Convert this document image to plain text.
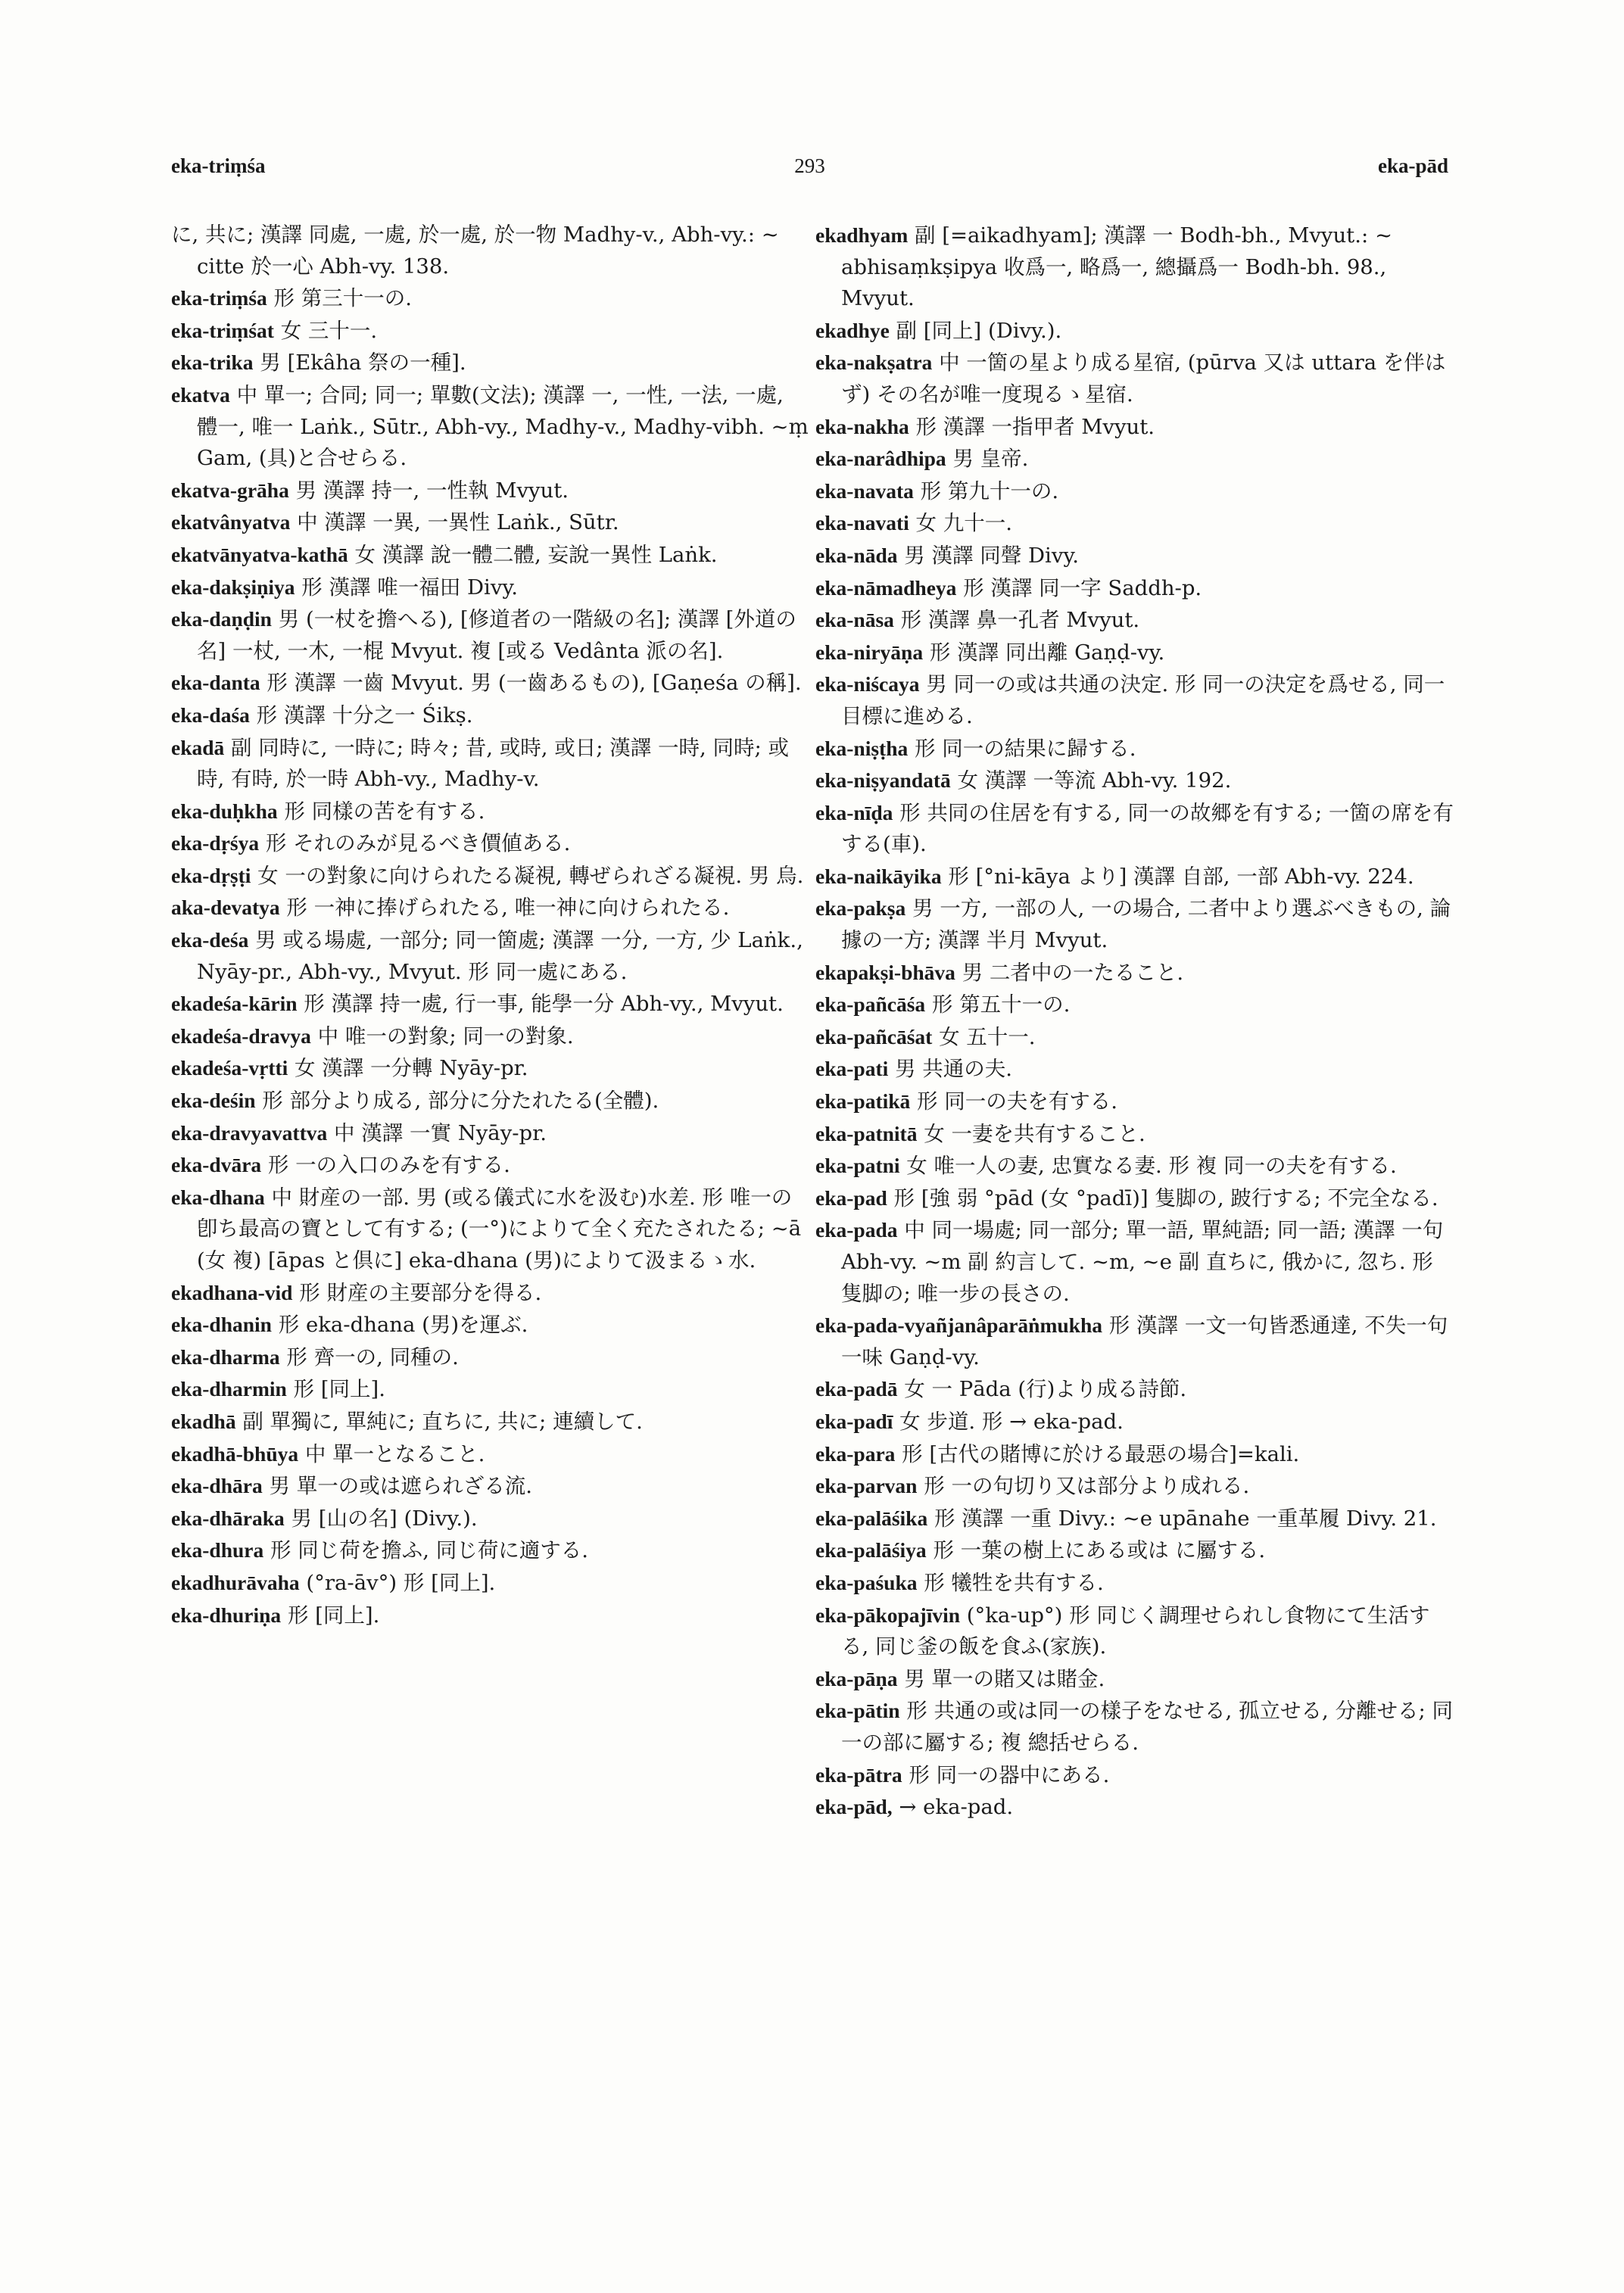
eka-triṃśa	293	eka-pād

に, 共に; 漢譯 同處, 一處, 於一處, 於一物 Madhy-v., Abh-vy.: ~ citte 於一心 Abh-vy. 138.

eka-triṃśa 形 第三十一の.

eka-triṃśat 女 三十一.

eka-trika 男 [Ekâha 祭の一種].

ekatva 中 單一; 合同; 同一; 單數(文法); 漢譯 一, 一性, 一法, 一處, 體一, 唯一 Laṅk., Sūtr., Abh-vy., Madhy-v., Madhy-vibh. ~ṃ Gam, (具)と合せらる.

ekatva-grāha 男 漢譯 持一, 一性執 Mvyut.

ekatvânyatva 中 漢譯 一異, 一異性 Laṅk., Sūtr.

ekatvānyatva-kathā 女 漢譯 說一體二體, 妄說一異性 Laṅk.

eka-dakṣiṇiya 形 漢譯 唯一福田 Divy.

eka-daṇḍin 男 (一杖を擔へる), [修道者の一階級の名]; 漢譯 [外道の名] 一杖, 一木, 一棍 Mvyut. 複 [或る Vedânta 派の名].

eka-danta 形 漢譯 一齒 Mvyut. 男 (一齒あるもの), [Gaṇeśa の稱].

eka-daśa 形 漢譯 十分之一 Śikṣ.

ekadā 副 同時に, 一時に; 時々; 昔, 或時, 或日; 漢譯 一時, 同時; 或時, 有時, 於一時 Abh-vy., Madhy-v.

eka-duḥkha 形 同樣の苦を有する.

eka-dṛśya 形 それのみが見るべき價値ある.

eka-dṛṣṭi 女 一の對象に向けられたる凝視, 轉ぜられざる凝視. 男 烏.

aka-devatya 形 一神に捧げられたる, 唯一神に向けられたる.

eka-deśa 男 或る場處, 一部分; 同一箇處; 漢譯 一分, 一方, 少 Laṅk., Nyāy-pr., Abh-vy., Mvyut. 形 同一處にある.

ekadeśa-kārin 形 漢譯 持一處, 行一事, 能學一分 Abh-vy., Mvyut.

ekadeśa-dravya 中 唯一の對象; 同一の對象.

ekadeśa-vṛtti 女 漢譯 一分轉 Nyāy-pr.

eka-deśin 形 部分より成る, 部分に分たれたる(全體).

eka-dravyavattva 中 漢譯 一實 Nyāy-pr.

eka-dvāra 形 一の入口のみを有する.

eka-dhana 中 財産の一部. 男 (或る儀式に水を汲む)水差. 形 唯一の卽ち最高の寶として有する; (一°)によりて全く充たされたる; ~ā (女 複) [āpas と倶に] eka-dhana (男)によりて汲まるゝ水.

ekadhana-vid 形 財産の主要部分を得る.

eka-dhanin 形 eka-dhana (男)を運ぶ.

eka-dharma 形 齊一の, 同種の.

eka-dharmin 形 [同上].

ekadhā 副 單獨に, 單純に; 直ちに, 共に; 連續して.

ekadhā-bhūya 中 單一となること.

eka-dhāra 男 單一の或は遮られざる流.

eka-dhāraka 男 [山の名] (Divy.).

eka-dhura 形 同じ荷を擔ふ, 同じ荷に適する.

ekadhurāvaha (°ra-āv°) 形 [同上].

eka-dhuriṇa 形 [同上].

ekadhyam 副 [=aikadhyam]; 漢譯 一 Bodh-bh., Mvyut.: ~ abhisaṃkṣipya 收爲一, 略爲一, 總攝爲一 Bodh-bh. 98., Mvyut.

ekadhye 副 [同上] (Divy.).

eka-nakṣatra 中 一箇の星より成る星宿, (pūrva 又は uttara を伴はず) その名が唯一度現るゝ星宿.

eka-nakha 形 漢譯 一指甲者 Mvyut.

eka-narâdhipa 男 皇帝.

eka-navata 形 第九十一の.

eka-navati 女 九十一.

eka-nāda 男 漢譯 同聲 Divy.

eka-nāmadheya 形 漢譯 同一字 Saddh-p.

eka-nāsa 形 漢譯 鼻一孔者 Mvyut.

eka-niryāṇa 形 漢譯 同出離 Gaṇḍ-vy.

eka-niścaya 男 同一の或は共通の決定. 形 同一の決定を爲せる, 同一目標に進める.

eka-niṣṭha 形 同一の結果に歸する.

eka-niṣyandatā 女 漢譯 一等流 Abh-vy. 192.

eka-nīḍa 形 共同の住居を有する, 同一の故郷を有する; 一箇の席を有する(車).

eka-naikāyika 形 [°ni-kāya より] 漢譯 自部, 一部 Abh-vy. 224.

eka-pakṣa 男 一方, 一部の人, 一の場合, 二者中より選ぶべきもの, 論據の一方; 漢譯 半月 Mvyut.

ekapakṣi-bhāva 男 二者中の一たること.

eka-pañcāśa 形 第五十一の.

eka-pañcāśat 女 五十一.

eka-pati 男 共通の夫.

eka-patikā 形 同一の夫を有する.

eka-patnitā 女 一妻を共有すること.

eka-patni 女 唯一人の妻, 忠實なる妻. 形 複 同一の夫を有する.

eka-pad 形 [強 弱 °pād (女 °padī)] 隻脚の, 跛行する; 不完全なる.

eka-pada 中 同一場處; 同一部分; 單一語, 單純語; 同一語; 漢譯 一句 Abh-vy. ~m 副 約言して. ~m, ~e 副 直ちに, 俄かに, 忽ち. 形 隻脚の; 唯一步の長さの.

eka-pada-vyañjanâparāṅmukha 形 漢譯 一文一句皆悉通達, 不失一句一味 Gaṇḍ-vy.

eka-padā 女 一 Pāda (行)より成る詩節.

eka-padī 女 步道. 形 → eka-pad.

eka-para 形 [古代の賭博に於ける最惡の場合]=kali.

eka-parvan 形 一の句切り又は部分より成れる.

eka-palāśika 形 漢譯 一重 Divy.: ~e upānahe 一重革履 Divy. 21.

eka-palāśiya 形 一葉の樹上にある或は に屬する.

eka-paśuka 形 犧牲を共有する.

eka-pākopajīvin (°ka-up°) 形 同じく調理せられし食物にて生活する, 同じ釜の飯を食ふ(家族).

eka-pāṇa 男 單一の賭又は賭金.

eka-pātin 形 共通の或は同一の樣子をなせる, 孤立せる, 分離せる; 同一の部に屬する; 複 總括せらる.

eka-pātra 形 同一の器中にある.

eka-pād, → eka-pad.
